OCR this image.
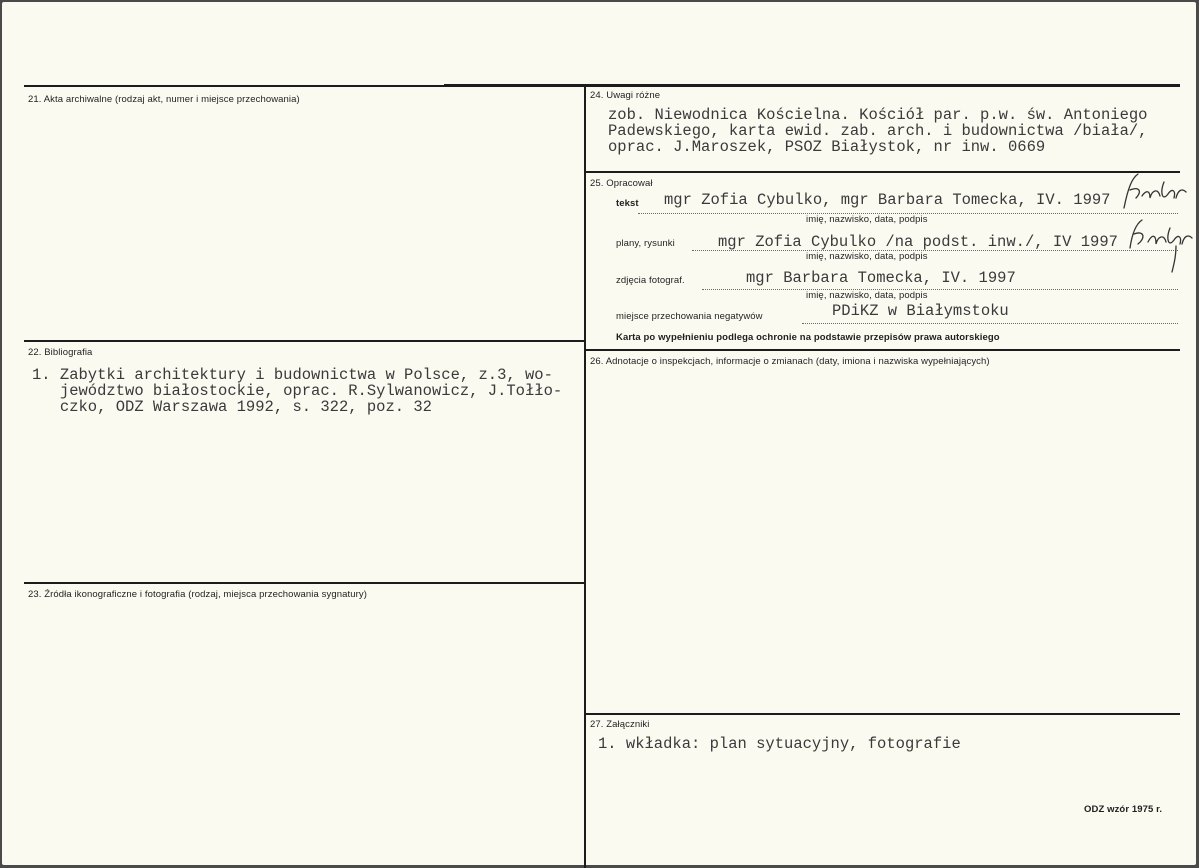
21. Akta archiwalne (rodzaj akt, numer i miejsce przechowania)
22. Bibliografia
1. Zabytki architektury i budownictwa w Polsce, z.3, wo-
jewództwo białostockie, oprac. R.Sylwanowicz, J.Tołło-
czko, ODZ Warszawa 1992, s. 322, poz. 32
23. Źródła ikonograficzne i fotografia (rodzaj, miejsca przechowania sygnatury)
24. Uwagi różne
zob. Niewodnica Kościelna. Kościół par. p.w. św. Antoniego
Padewskiego, karta ewid. zab. arch. i budownictwa /biała/,
oprac. J.Maroszek, PSOZ Białystok, nr inw. 0669
25. Opracował
tekst mgr Zofia Cybulko, mgr Barbara Tomecka, IV. 1997
imię, nazwisko, data, podpis
plany, rysunki	mgr Zofia Cybulko /na podst. inw./, IV 1997
imię, nazwisko, data, podpis
zdjęcia fotograf.	mgr Barbara Tomecka, IV. 1997
imię, nazwisko, data, podpis
miejsce przechowania negatywów	PDiKZ w Białymstoku
Karta po wypełnieniu podlega ochronie na podstawie przepisów prawa autorskiego
26. Adnotacje o inspekcjach, informacje o zmianach (daty, imiona i nazwiska wypełniających)
27. Załączniki
1. wkładka: plan sytuacyjny, fotografie
ODZ wzór 1975 r.
